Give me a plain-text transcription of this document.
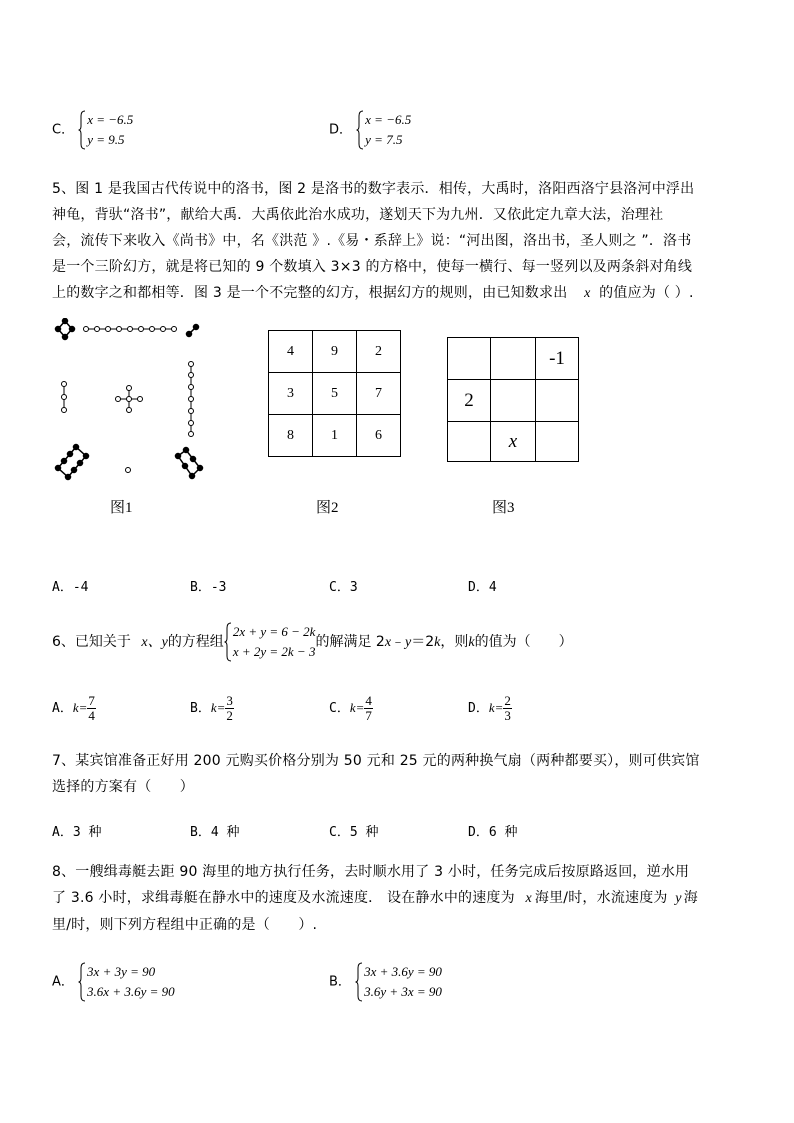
C．
x = −6.5
y = 9.5
D．
x = −6.5
y = 7.5
5、图 1 是我国古代传说中的洛书，图 2 是洛书的数字表示．相传，大禹时，洛阳西洛宁县洛河中浮出
神龟，背驮“洛书”，献给大禹．大禹依此治水成功，遂划天下为九州．又依此定九章大法，治理社
会，流传下来收入《尚书》中，名《洪范 》.《易・系辞上》说：“河出图，洛出书，圣人则之 ”．洛书
是一个三阶幻方，就是将已知的 9 个数填入 3×3 的方格中，使每一横行、每一竖列以及两条斜对角线
上的数字之和都相等．图 3 是一个不完整的幻方，根据幻方的规则，由已知数求出 x 的值应为（ ）.
4	9	2
3	5	7
8	1	6
		-1
2		
	x	
图1	图2	图3
A．-4	B．-3	C．3	D．4
6、已知关于 x、y的方程组
2x + y = 6 − 2k
x + 2y = 2k − 3
的解满足 2x﹣y＝2k，则k的值为（　　）
A．$k= \frac{7}{4}$	B．$k= \frac{3}{2}$	C．$k= \frac{4}{7}$	D．$k= \frac{2}{3}$
7、某宾馆准备正好用 200 元购买价格分别为 50 元和 25 元的两种换气扇（两种都要买），则可供宾馆
选择的方案有（　　）
A．3 种	B．4 种	C．5 种	D．6 种
8、一艘缉毒艇去距 90 海里的地方执行任务，去时顺水用了 3 小时，任务完成后按原路返回，逆水用
了 3.6 小时，求缉毒艇在静水中的速度及水流速度． 设在静水中的速度为 x 海里/时，水流速度为 y 海
里/时，则下列方程组中正确的是（　　）.
A．
3x + 3y = 90
3.6x + 3.6y = 90
B．
3x + 3.6y = 90
3.6y + 3x = 90
